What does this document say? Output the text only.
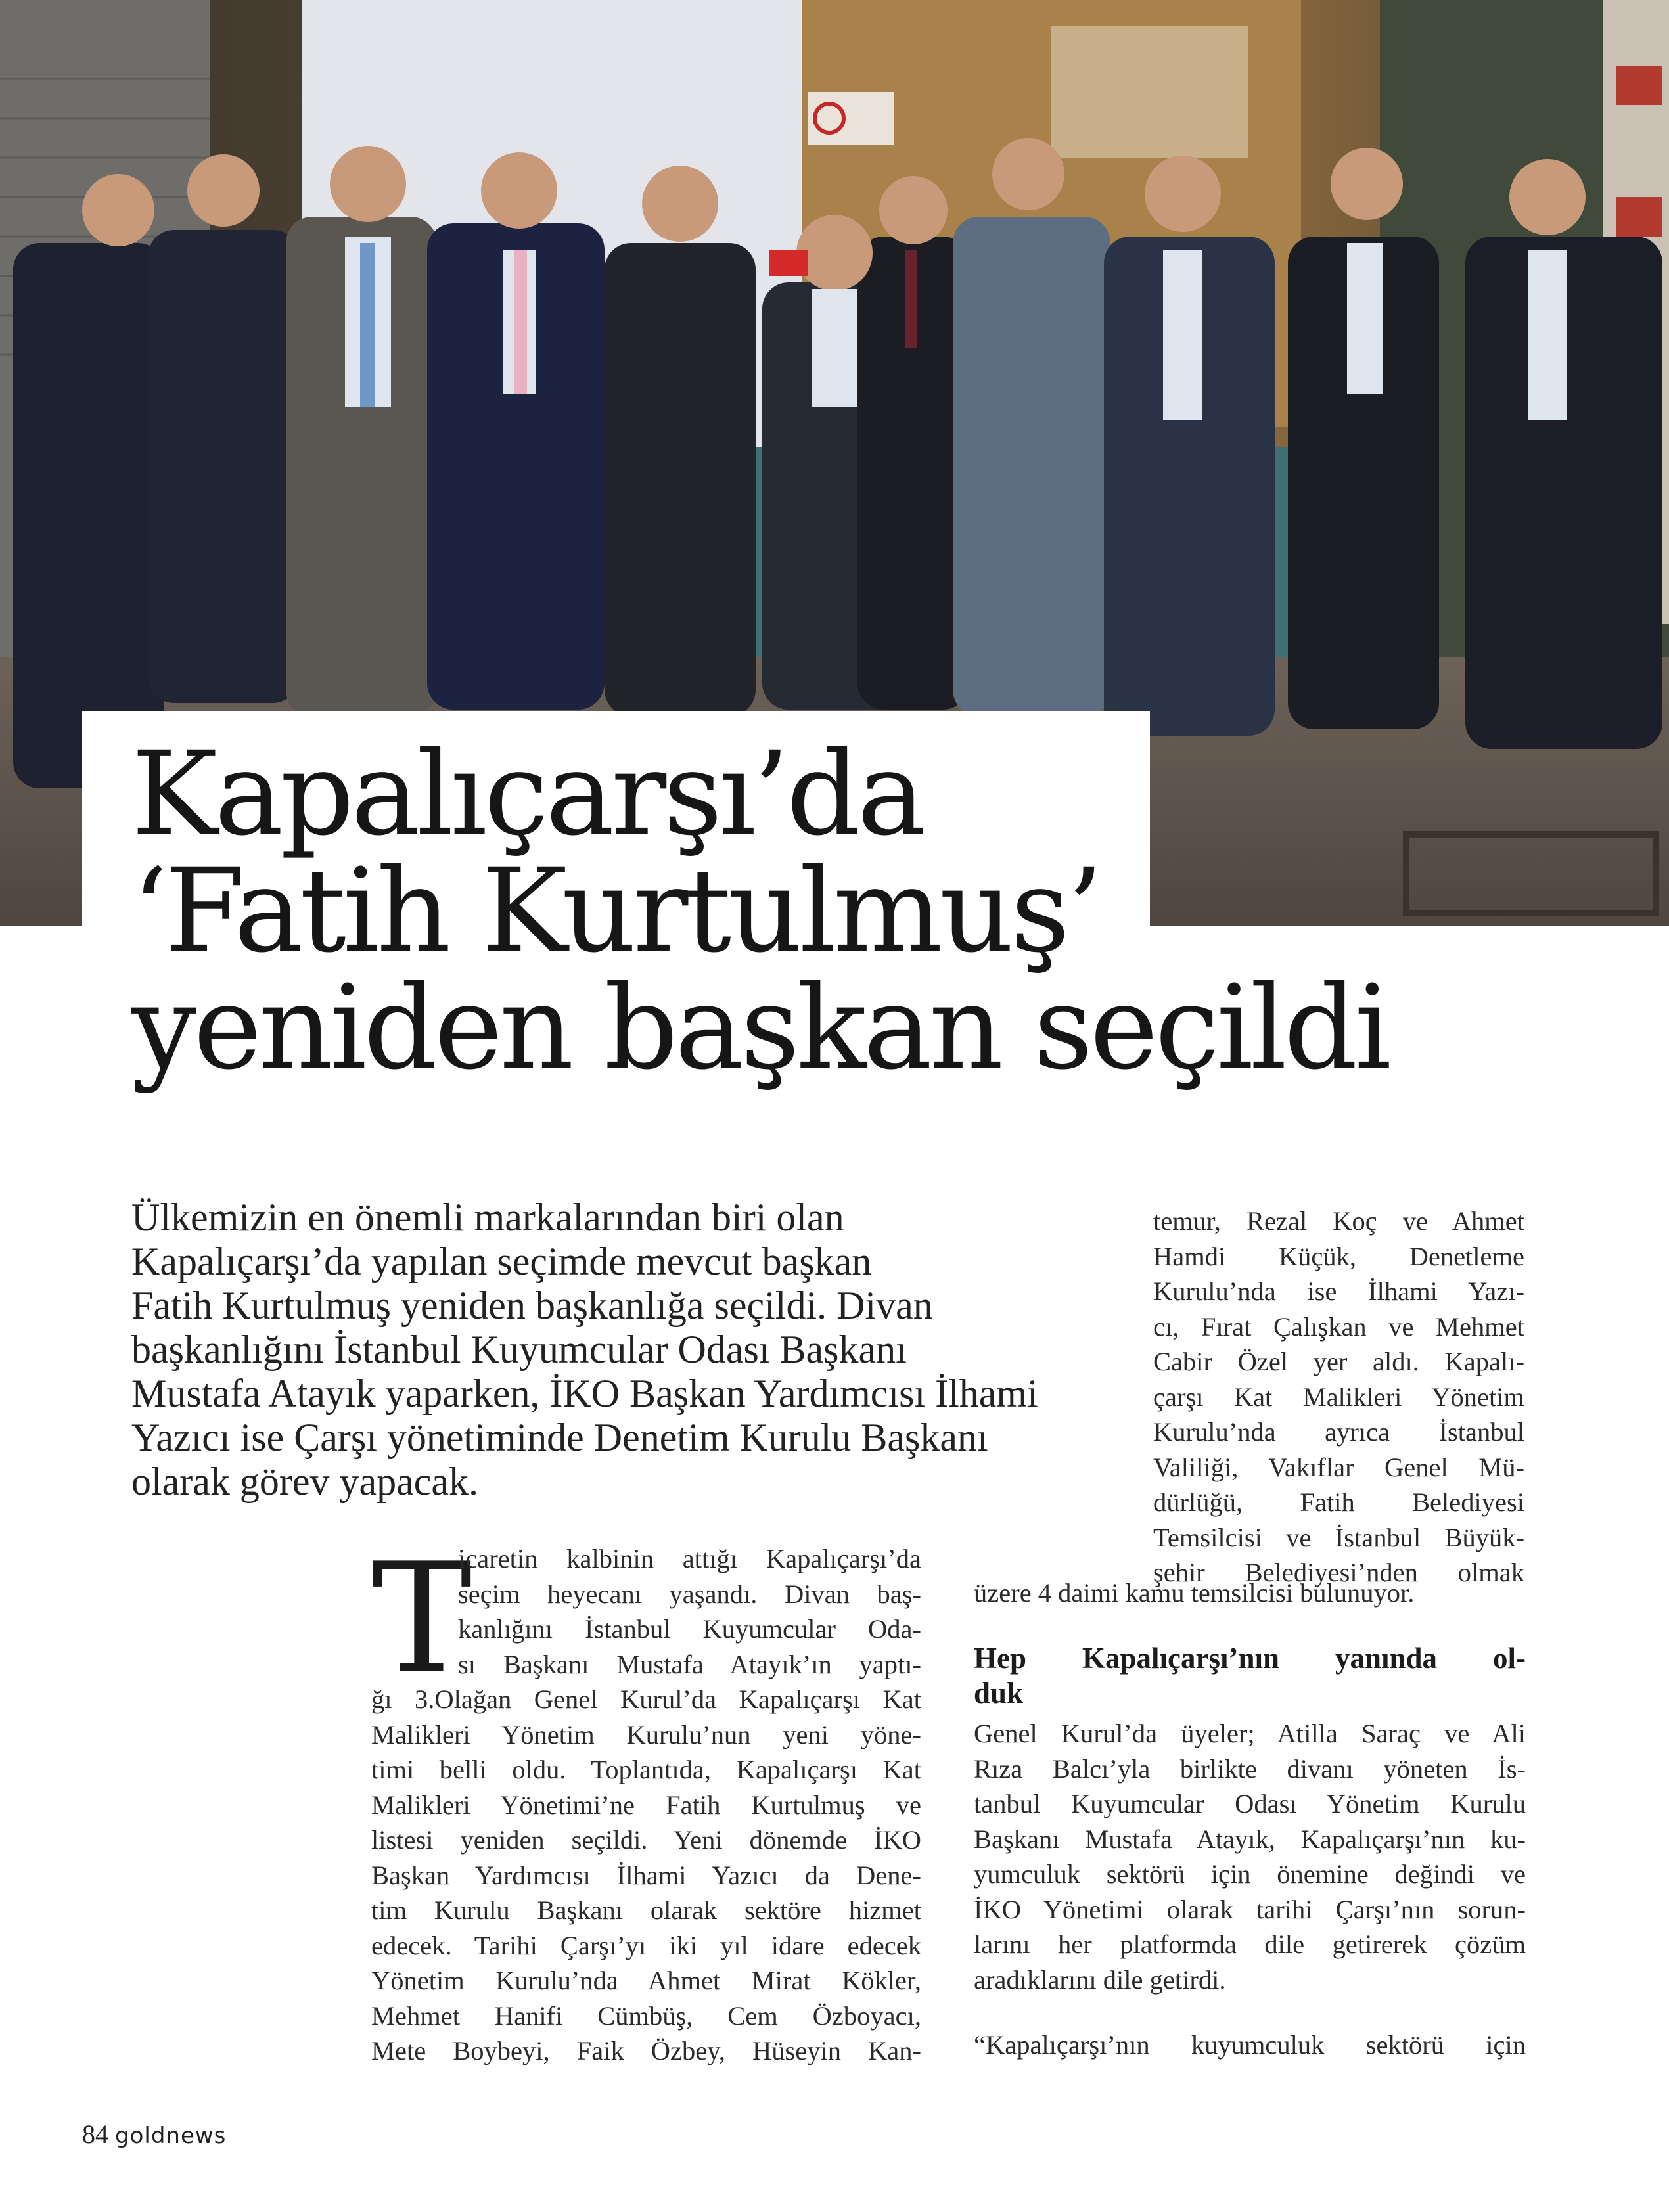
Kapalıçarşı’da
‘Fatih Kurtulmuş’
yeniden başkan seçildi

Ülkemizin en önemli markalarından biri olan
Kapalıçarşı’da yapılan seçimde mevcut başkan
Fatih Kurtulmuş yeniden başkanlığa seçildi. Divan
başkanlığını İstanbul Kuyumcular Odası Başkanı
Mustafa Atayık yaparken, İKO Başkan Yardımcısı İlhami
Yazıcı ise Çarşı yönetiminde Denetim Kurulu Başkanı
olarak görev yapacak.

temur, Rezal Koç ve Ahmet
Hamdi Küçük, Denetleme
Kurulu’nda ise İlhami Yazı-
cı, Fırat Çalışkan ve Mehmet
Cabir Özel yer aldı. Kapalı-
çarşı Kat Malikleri Yönetim
Kurulu’nda ayrıca İstanbul
Valiliği, Vakıflar Genel Mü-
dürlüğü, Fatih Belediyesi
Temsilcisi ve İstanbul Büyük-
şehir Belediyesi’nden olmak
üzere 4 daimi kamu temsilcisi bulunuyor.
T
icaretin kalbinin attığı Kapalıçarşı’da
seçim heyecanı yaşandı. Divan baş-
kanlığını İstanbul Kuyumcular Oda-
sı Başkanı Mustafa Atayık’ın yaptı-
ğı 3.Olağan Genel Kurul’da Kapalıçarşı Kat
Malikleri Yönetim Kurulu’nun yeni yöne-
timi belli oldu. Toplantıda, Kapalıçarşı Kat
Malikleri Yönetimi’ne Fatih Kurtulmuş ve
listesi yeniden seçildi. Yeni dönemde İKO
Başkan Yardımcısı İlhami Yazıcı da Dene-
tim Kurulu Başkanı olarak sektöre hizmet
edecek. Tarihi Çarşı’yı iki yıl idare edecek
Yönetim Kurulu’nda Ahmet Mirat Kökler,
Mehmet Hanifi Cümbüş, Cem Özboyacı,
Mete Boybeyi, Faik Özbey, Hüseyin Kan-
Hep Kapalıçarşı’nın yanında ol-
duk
Genel Kurul’da üyeler; Atilla Saraç ve Ali
Rıza Balcı’yla birlikte divanı yöneten İs-
tanbul Kuyumcular Odası Yönetim Kurulu
Başkanı Mustafa Atayık, Kapalıçarşı’nın ku-
yumculuk sektörü için önemine değindi ve
İKO Yönetimi olarak tarihi Çarşı’nın sorun-
larını her platformda dile getirerek çözüm
aradıklarını dile getirdi.
“Kapalıçarşı’nın kuyumculuk sektörü için
84 goldnews
